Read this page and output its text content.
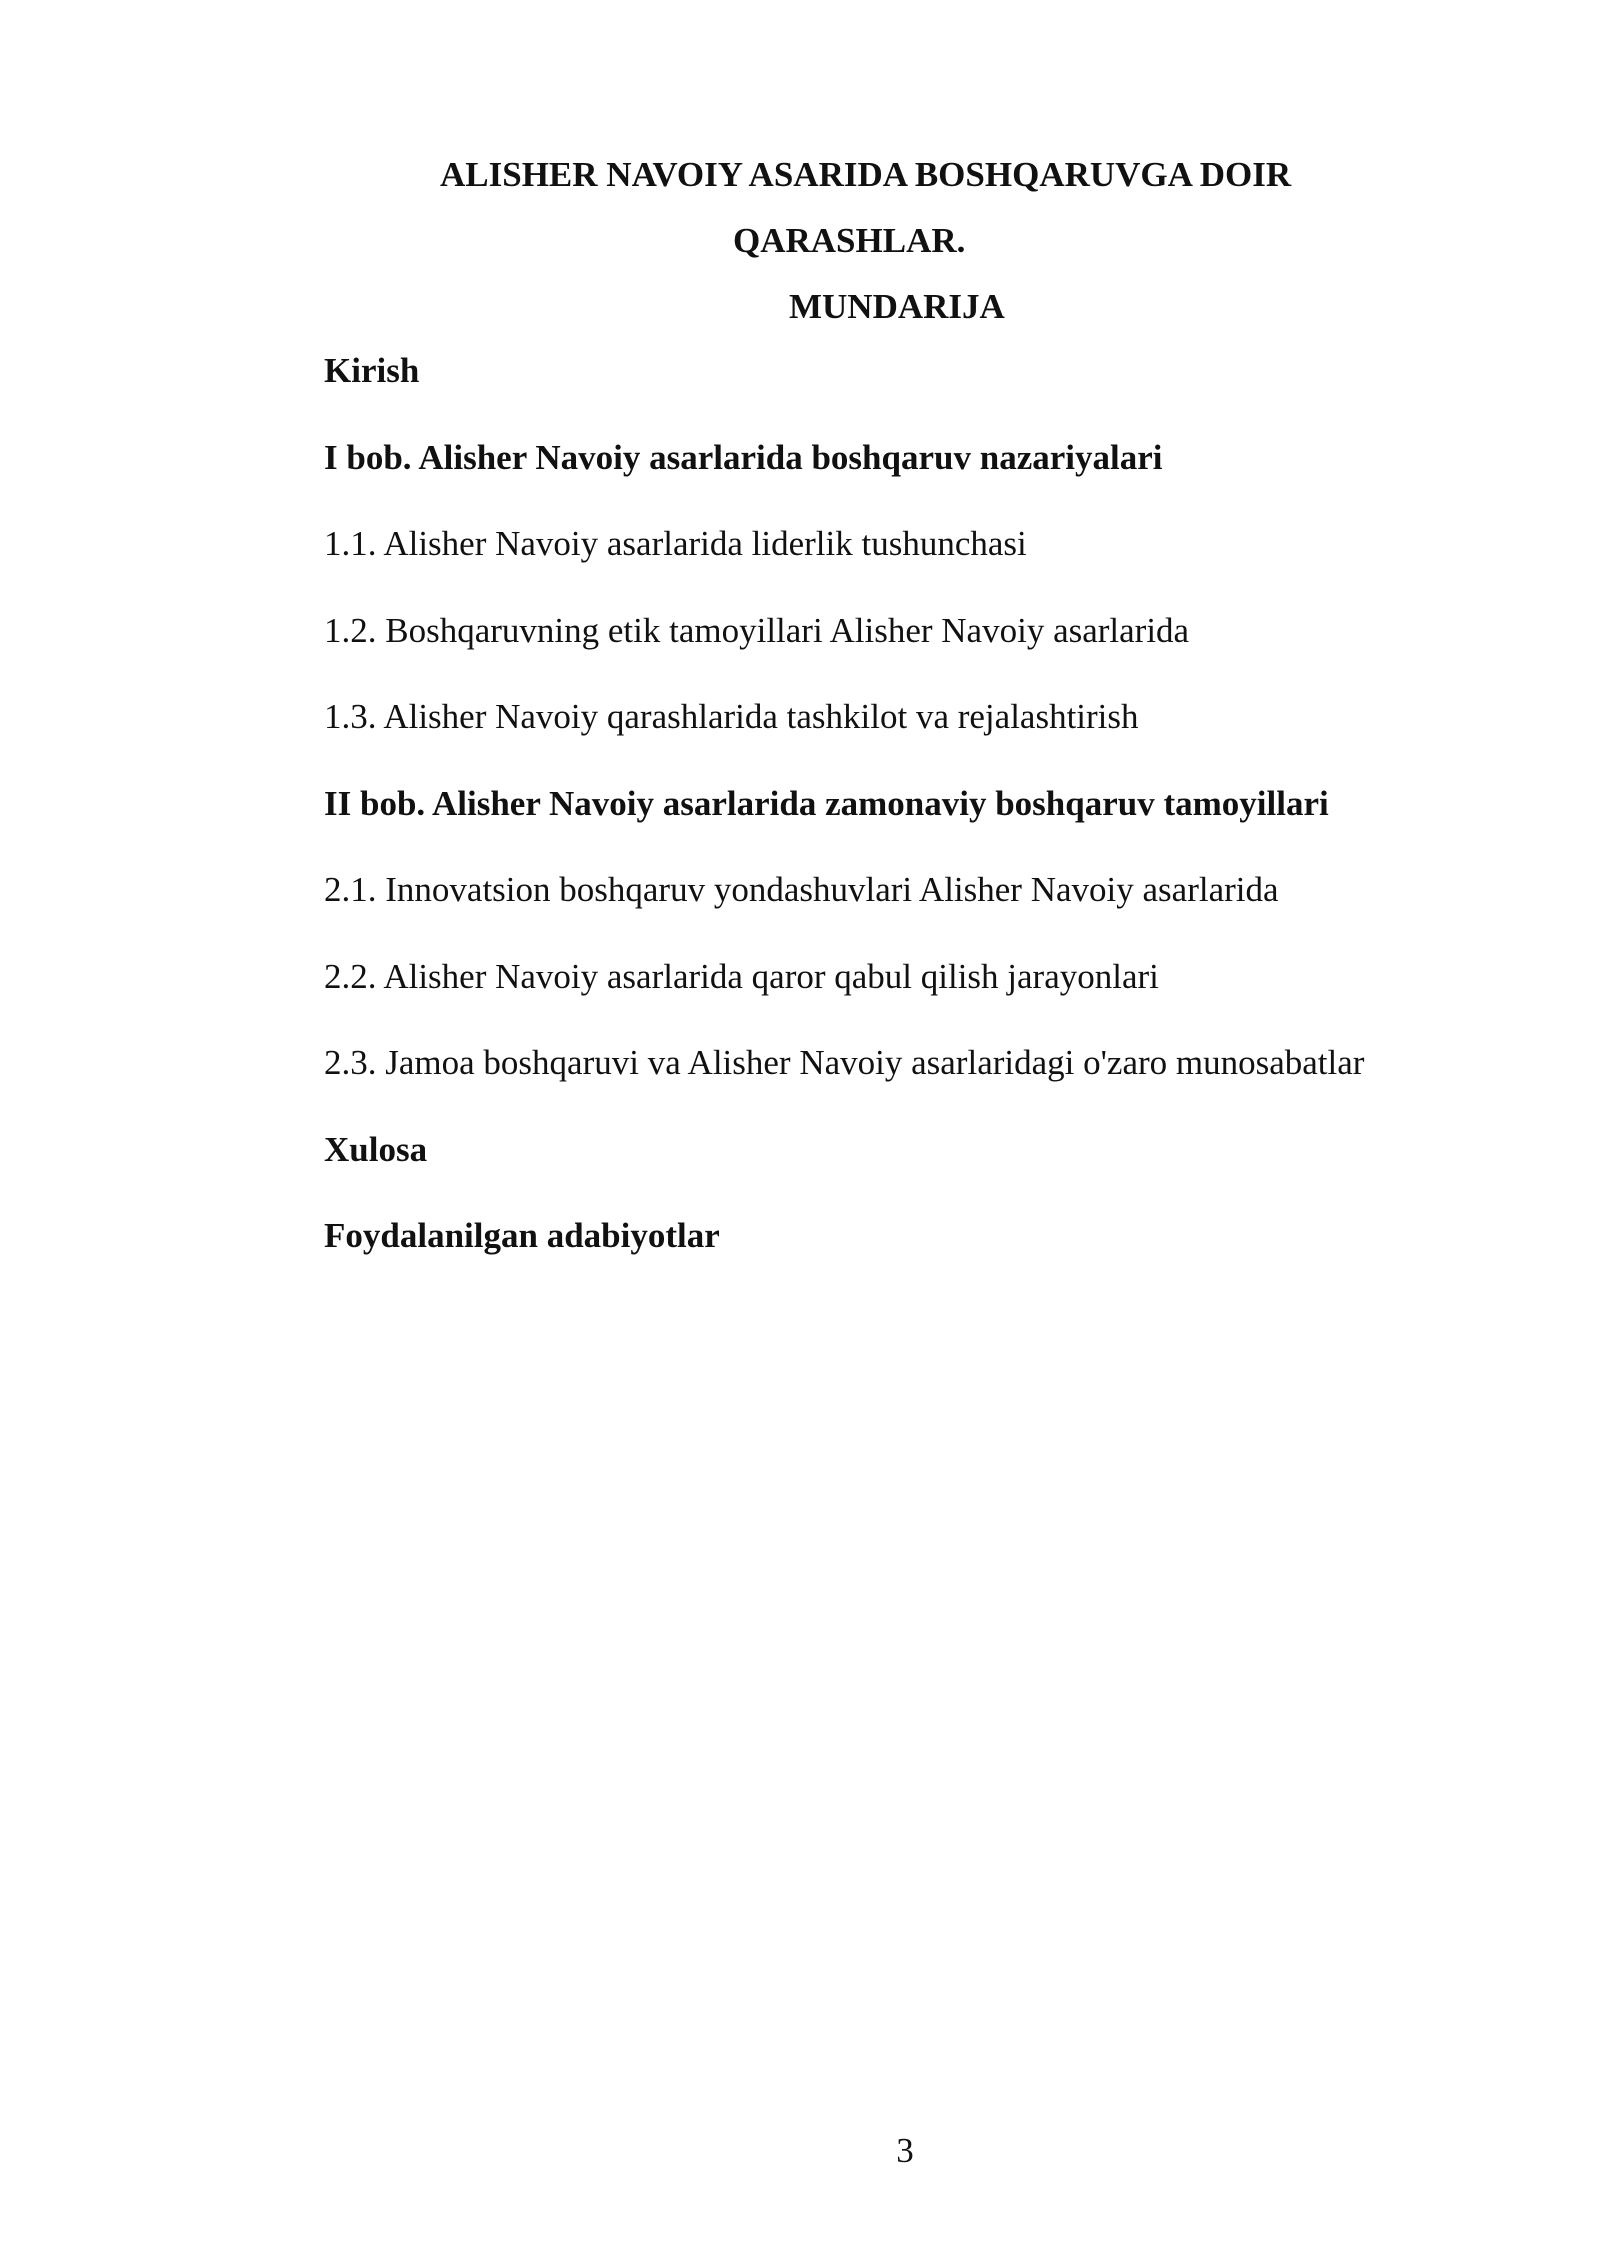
ALISHER NAVOIY ASARIDA BOSHQARUVGA DOIR
QARASHLAR.
MUNDARIJA
Kirish
I bob. Alisher Navoiy asarlarida boshqaruv nazariyalari
1.1. Alisher Navoiy asarlarida liderlik tushunchasi
1.2. Boshqaruvning etik tamoyillari Alisher Navoiy asarlarida
1.3. Alisher Navoiy qarashlarida tashkilot va rejalashtirish
II bob. Alisher Navoiy asarlarida zamonaviy boshqaruv tamoyillari
2.1. Innovatsion boshqaruv yondashuvlari Alisher Navoiy asarlarida
2.2. Alisher Navoiy asarlarida qaror qabul qilish jarayonlari
2.3. Jamoa boshqaruvi va Alisher Navoiy asarlaridagi o'zaro munosabatlar
Xulosa
Foydalanilgan adabiyotlar
3
